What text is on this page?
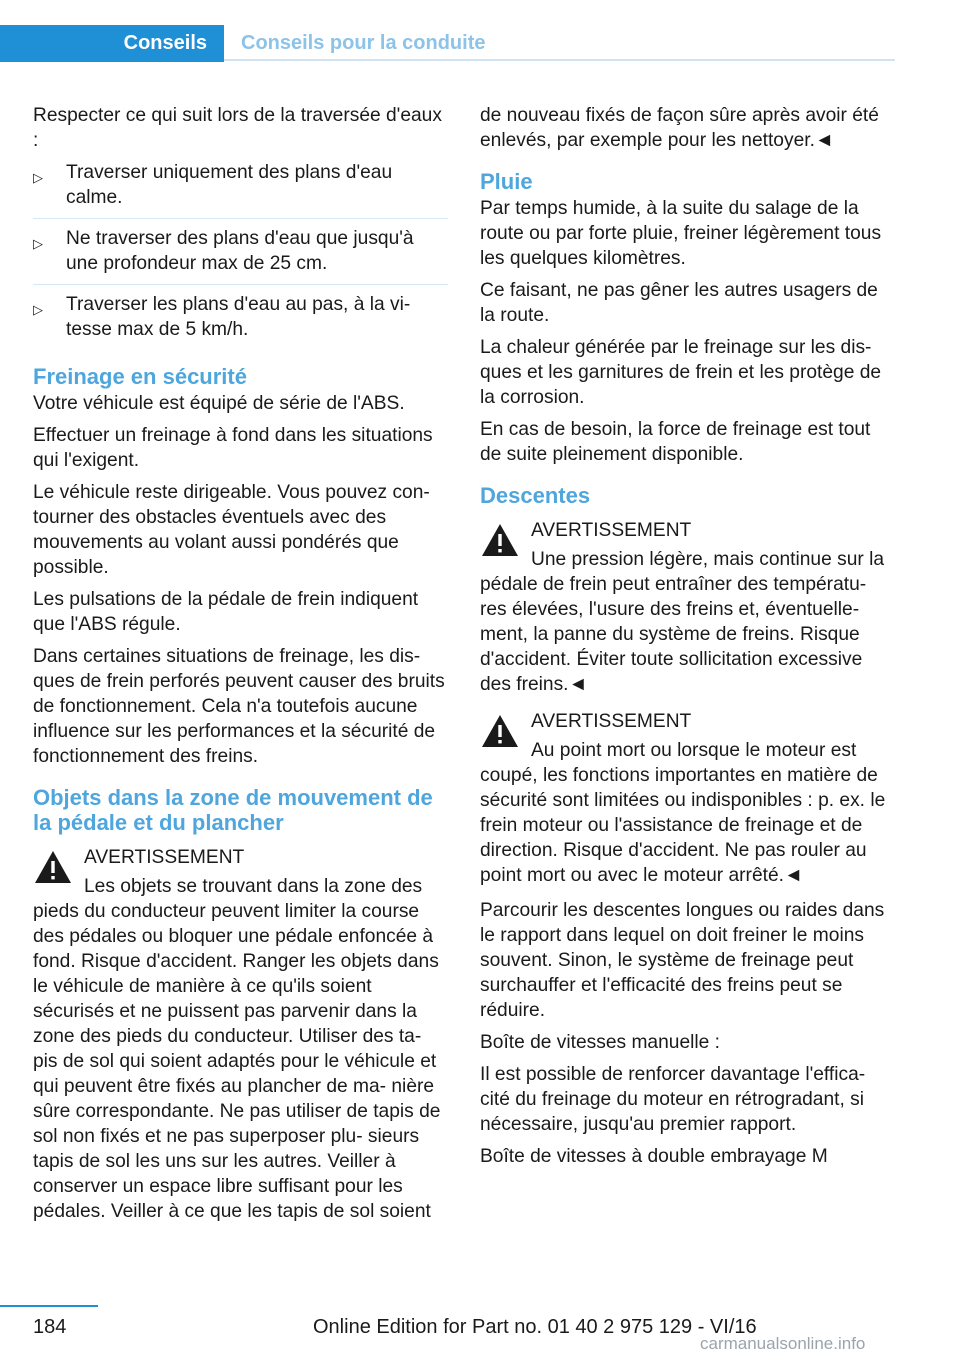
Conseils Conseils pour la conduite

Respecter ce qui suit lors de la traversée d'eaux :

▷ Traverser uniquement des plans d'eau calme.
▷ Ne traverser des plans d'eau que jusqu'à une profondeur max de 25 cm.
▷ Traverser les plans d'eau au pas, à la vi‐ tesse max de 5 km/h.
Freinage en sécurité

Votre véhicule est équipé de série de l'ABS.

Effectuer un freinage à fond dans les situations qui l'exigent.

Le véhicule reste dirigeable. Vous pouvez con‐ tourner des obstacles éventuels avec des mouvements au volant aussi pondérés que possible.

Les pulsations de la pédale de frein indiquent que l'ABS régule.

Dans certaines situations de freinage, les dis‐ ques de frein perforés peuvent causer des bruits de fonctionnement. Cela n'a toutefois aucune influence sur les performances et la sécurité de fonctionnement des freins.

Objets dans la zone de mouvement de la pédale et du plancher
AVERTISSEMENT
Les objets se trouvant dans la zone des pieds du conducteur peuvent limiter la course des pédales ou bloquer une pédale enfoncée à fond. Risque d'accident. Ranger les objets dans le véhicule de manière à ce qu'ils soient sécurisés et ne puissent pas parvenir dans la zone des pieds du conducteur. Utiliser des ta‐ pis de sol qui soient adaptés pour le véhicule et qui peuvent être fixés au plancher de ma‐ nière sûre correspondante. Ne pas utiliser de tapis de sol non fixés et ne pas superposer plu‐ sieurs tapis de sol les uns sur les autres. Veiller à conserver un espace libre suffisant pour les pédales. Veiller à ce que les tapis de sol soient

de nouveau fixés de façon sûre après avoir été enlevés, par exemple pour les nettoyer.◄

Pluie

Par temps humide, à la suite du salage de la route ou par forte pluie, freiner légèrement tous les quelques kilomètres.

Ce faisant, ne pas gêner les autres usagers de la route.

La chaleur générée par le freinage sur les dis‐ ques et les garnitures de frein et les protège de la corrosion.

En cas de besoin, la force de freinage est tout de suite pleinement disponible.

Descentes
AVERTISSEMENT
Une pression légère, mais continue sur la pédale de frein peut entraîner des températu‐ res élevées, l'usure des freins et, éventuelle‐ ment, la panne du système de freins. Risque d'accident. Éviter toute sollicitation excessive des freins.◄
AVERTISSEMENT
Au point mort ou lorsque le moteur est coupé, les fonctions importantes en matière de sécurité sont limitées ou indisponibles : p. ex. le frein moteur ou l'assistance de freinage et de direction. Risque d'accident. Ne pas rouler au point mort ou avec le moteur arrêté.◄

Parcourir les descentes longues ou raides dans le rapport dans lequel on doit freiner le moins souvent. Sinon, le système de freinage peut surchauffer et l'efficacité des freins peut se réduire.

Boîte de vitesses manuelle :

Il est possible de renforcer davantage l'effica‐ cité du freinage du moteur en rétrogradant, si nécessaire, jusqu'au premier rapport.

Boîte de vitesses à double embrayage M

184	Online Edition for Part no. 01 40 2 975 129 - VI/16
carmanualsonline.info
